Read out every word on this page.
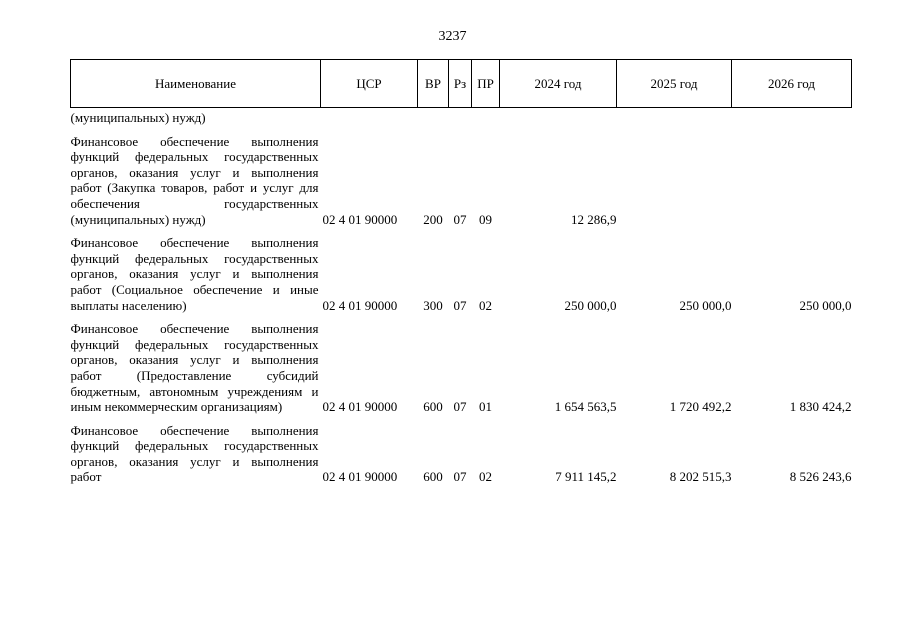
3237
Наименование	ЦСР	ВР	Рз	ПР	2024 год	2025 год	2026 год
(муниципальных) нужд)							

Финансовое обеспечение выполнения функций федеральных государственных органов, оказания услуг и выполнения работ (Закупка товаров, работ и услуг для обеспечения государственных (муниципальных) нужд)	02 4 01 90000	200	07	09	12 286,9		

Финансовое обеспечение выполнения функций федеральных государственных органов, оказания услуг и выполнения работ (Социальное обеспечение и иные выплаты населению)	02 4 01 90000	300	07	02	250 000,0	250 000,0	250 000,0

Финансовое обеспечение выполнения функций федеральных государственных органов, оказания услуг и выполнения работ (Предоставление субсидий бюджетным, автономным учреждениям и иным некоммерческим организациям)	02 4 01 90000	600	07	01	1 654 563,5	1 720 492,2	1 830 424,2

Финансовое обеспечение выполнения функций федеральных государственных органов, оказания услуг и выполнения работ	02 4 01 90000	600	07	02	7 911 145,2	8 202 515,3	8 526 243,6
